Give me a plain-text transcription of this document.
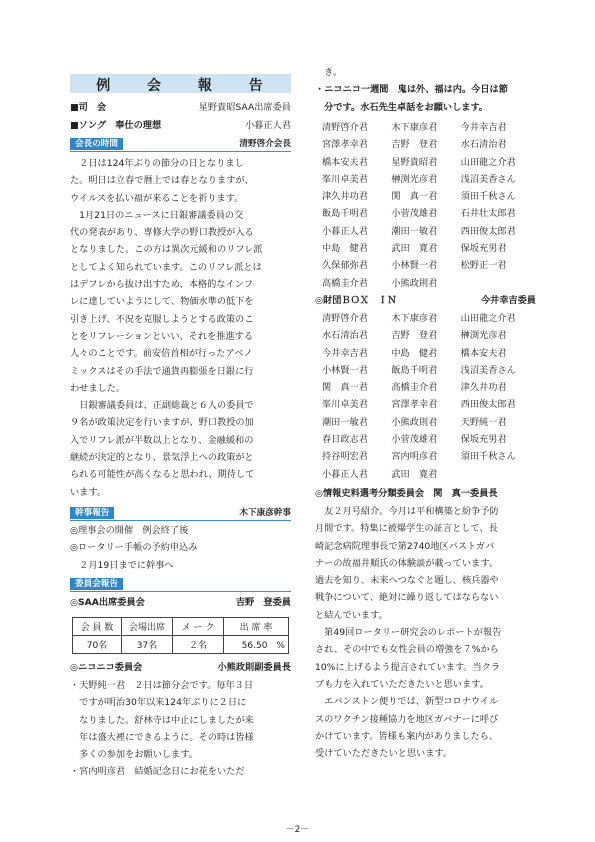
例 会 報 告
■司　会	星野貴昭SAA出席委員
■ソング　奉仕の理想	小暮正人君
会長の時間	清野啓介会長
　２日は124年ぶりの節分の日となりまし
た。明日は立春で暦上では春となりますが、
ウイルスを払い福が来ることを祈ります。
　1月21日のニュースに日銀審議委員の交
代の発表があり、専修大学の野口教授が入る
となりました。この方は異次元緩和のリフレ派
としてよく知られています。このリフレ派とは
はデフレから抜け出すため、本格的なインフ
レに達していようにして、物価水準の低下を
引き上げ、不況を克服しようとする政策のこ
とをリフレーションといい、それを推進する
人々のことです。前安倍首相が行ったアベノ
ミックスはその手法で通貨再膨張を日銀に行
わせました。
　日銀審議委員は、正副総裁と６人の委員で
９名が政策決定を行いますが、野口教授の加
入でリフレ派が半数以上となり、金融緩和の
継続が決定的となり、景気浮上への政策がと
られる可能性が高くなると思われ、期待して
います。
幹事報告	木下康彦幹事
◎理事会の開催　例会終了後
◎ロータリー手帳の予約申込み
　２月19日までに幹事へ
委員会報告
◎SAA出席委員会	吉野　登委員
会 員 数	会場出席	メ ー ク	出 席 率
70名	37名	２名	56.50　%
◎ニコニコ委員会	小熊政則副委員長
・天野純一君　２日は節分会です。毎年３日
　ですが明治30年以来124年ぶりに２日に
　なりました。舒林寺は中止にしましたが来
　年は盛大裡にできるように。その時は皆様
　多くの参加をお願いします。
・宮内明彦君　結婚記念日にお花をいただ
　き。
・ニコニコ一週間　鬼は外、福は内。今日は節
　分です。水石先生卓話をお願いします。
清野啓介君	木下康彦君	今井幸吉君
宮澤孝幸君	吉野　登君	水石清治君
橋本安夫君	星野貴昭君	山田龍之介君
峯川卓美君	榊渕光彦君	浅沼美香さん
津久井功君	関　真一君	須田千秋さん
飯島千明君	小菅茂雄君	石井壮太郎君
小暮正人君	潮田一敏君	西田俊太郎君
中島　健君	武田　寛君	保坂充男君
久保郁弥君	小林賢一君	松野正一君
高橋圭介君	小熊政則君
◎財団ＢＯＸ　ＩＮ	今井幸吉委員
清野啓介君	木下康彦君	山田龍之介君
水石清治君	吉野　登君	榊渕光彦君
今井幸吉君	中島　健君	橋本安夫君
小林賢一君	飯島千明君	浅沼美香さん
関　真一君	高橋圭介君	津久井功君
峯川卓美君	宮澤孝幸君	西田俊太郎君
潮田一敏君	小熊政則君	天野純一君
春日政志君	小菅茂雄君	保坂充男君
持谷明宏君	宮内明彦君	須田千秋さん
小暮正人君	武田　寛君
◎情報史料選考分類委員会　関　真一委員長
　友２月号紹介。今月は平和構築と紛争予防
月間です。特集に被爆学生の証言として、長
崎記念病院理事長で第2740地区パストガバ
ナーの故福井順氏の体験談が載っています。
過去を知り、未来へつなぐと題し、核兵器や
戦争について、絶対に繰り返してはならない
と結んでいます。
　第49回ロータリー研究会のレポートが報告
され、その中でも女性会員の増強を７%から
10%に上げるよう提言されています。当クラ
ブも力を入れていただきたいと思います。
　エバンストン便りでは、新型コロナウイル
スのワクチン接種協力を地区ガバナーに呼び
かけています。皆様も案内がありましたら、
受けていただきたいと思います。
－2－
